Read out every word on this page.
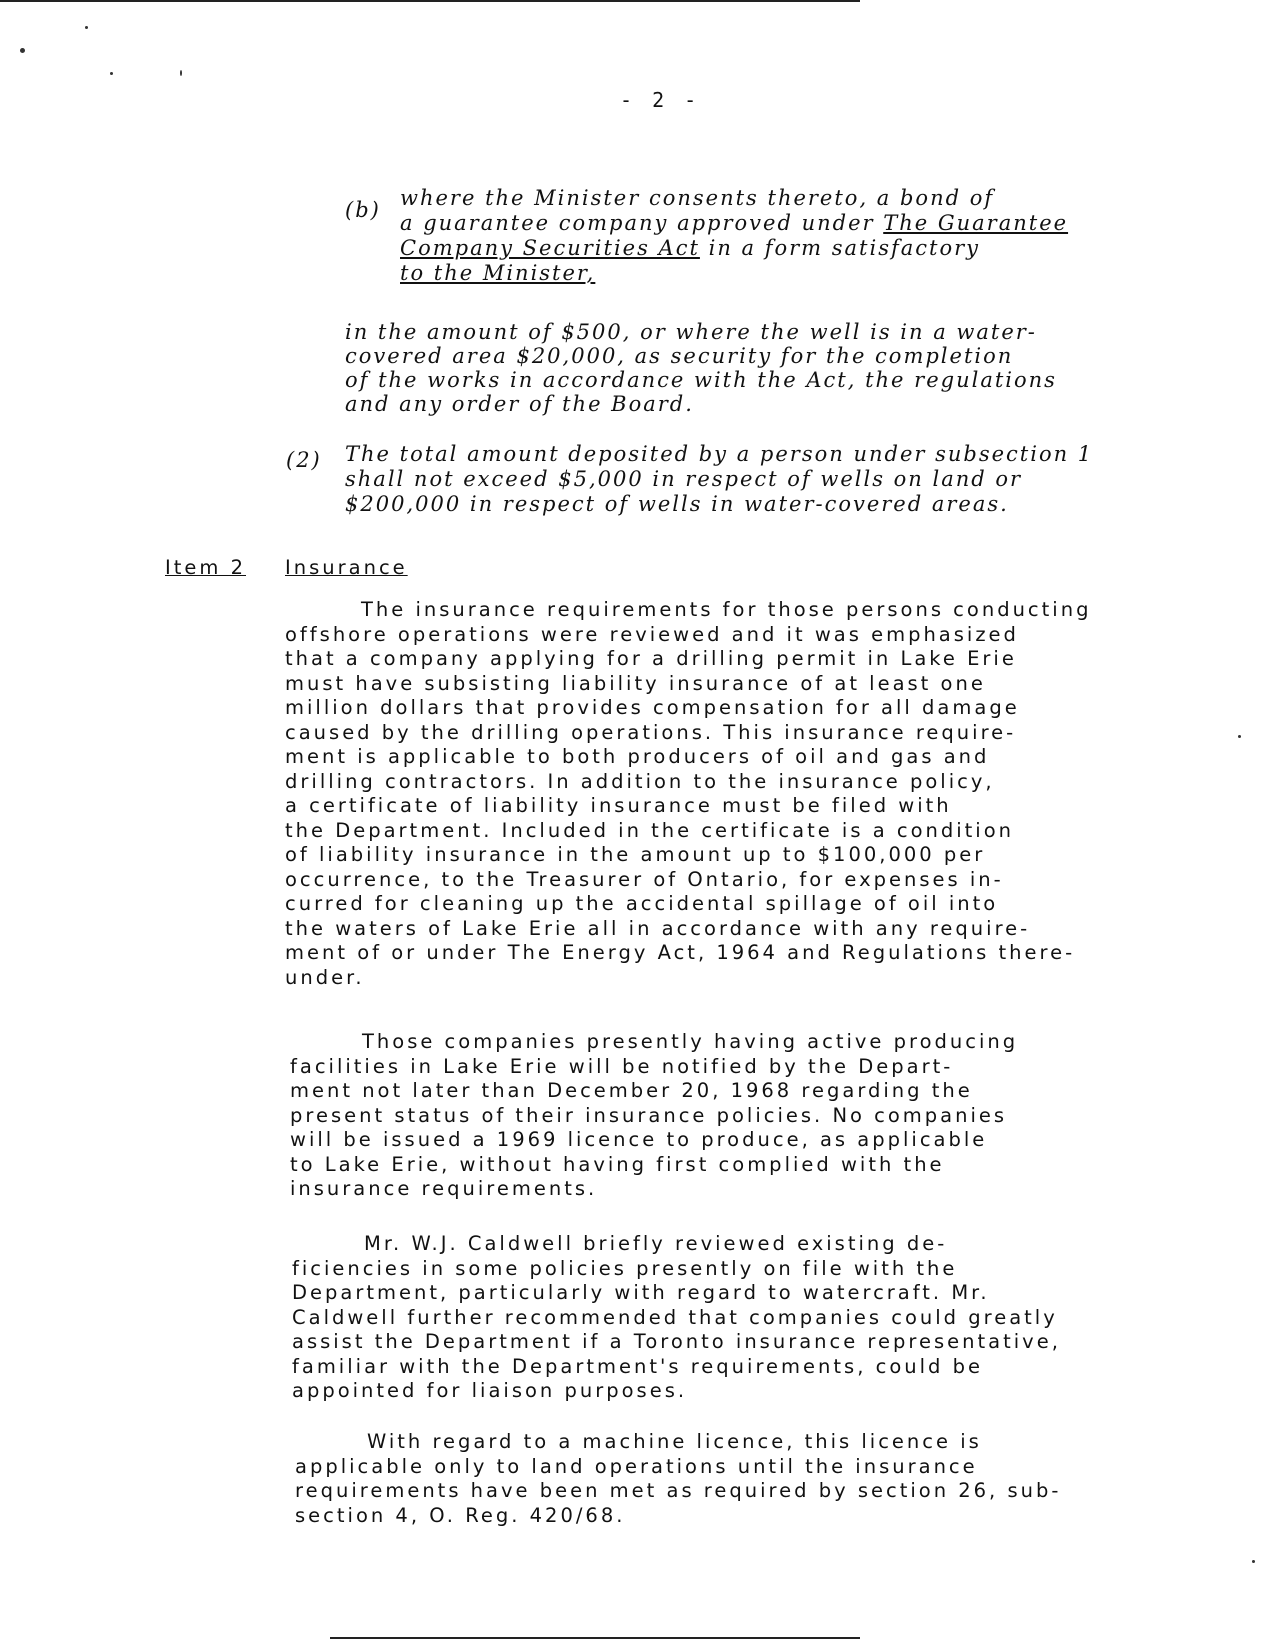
- 2 -
(b) where the Minister consents thereto, a bond of
a guarantee company approved under The Guarantee
Company Securities Act in a form satisfactory
to the Minister,
in the amount of $500, or where the well is in a water-
covered area $20,000, as security for the completion
of the works in accordance with the Act, the regulations
and any order of the Board.
(2) The total amount deposited by a person under subsection 1
shall not exceed $5,000 in respect of wells on land or
$200,000 in respect of wells in water-covered areas.
Item 2 Insurance
The insurance requirements for those persons conducting
offshore operations were reviewed and it was emphasized
that a company applying for a drilling permit in Lake Erie
must have subsisting liability insurance of at least one
million dollars that provides compensation for all damage
caused by the drilling operations. This insurance require-
ment is applicable to both producers of oil and gas and
drilling contractors. In addition to the insurance policy,
a certificate of liability insurance must be filed with
the Department. Included in the certificate is a condition
of liability insurance in the amount up to $100,000 per
occurrence, to the Treasurer of Ontario, for expenses in-
curred for cleaning up the accidental spillage of oil into
the waters of Lake Erie all in accordance with any require-
ment of or under The Energy Act, 1964 and Regulations there-
under.
Those companies presently having active producing
facilities in Lake Erie will be notified by the Depart-
ment not later than December 20, 1968 regarding the
present status of their insurance policies. No companies
will be issued a 1969 licence to produce, as applicable
to Lake Erie, without having first complied with the
insurance requirements.
Mr. W.J. Caldwell briefly reviewed existing de-
ficiencies in some policies presently on file with the
Department, particularly with regard to watercraft. Mr.
Caldwell further recommended that companies could greatly
assist the Department if a Toronto insurance representative,
familiar with the Department's requirements, could be
appointed for liaison purposes.
With regard to a machine licence, this licence is
applicable only to land operations until the insurance
requirements have been met as required by section 26, sub-
section 4, O. Reg. 420/68.
